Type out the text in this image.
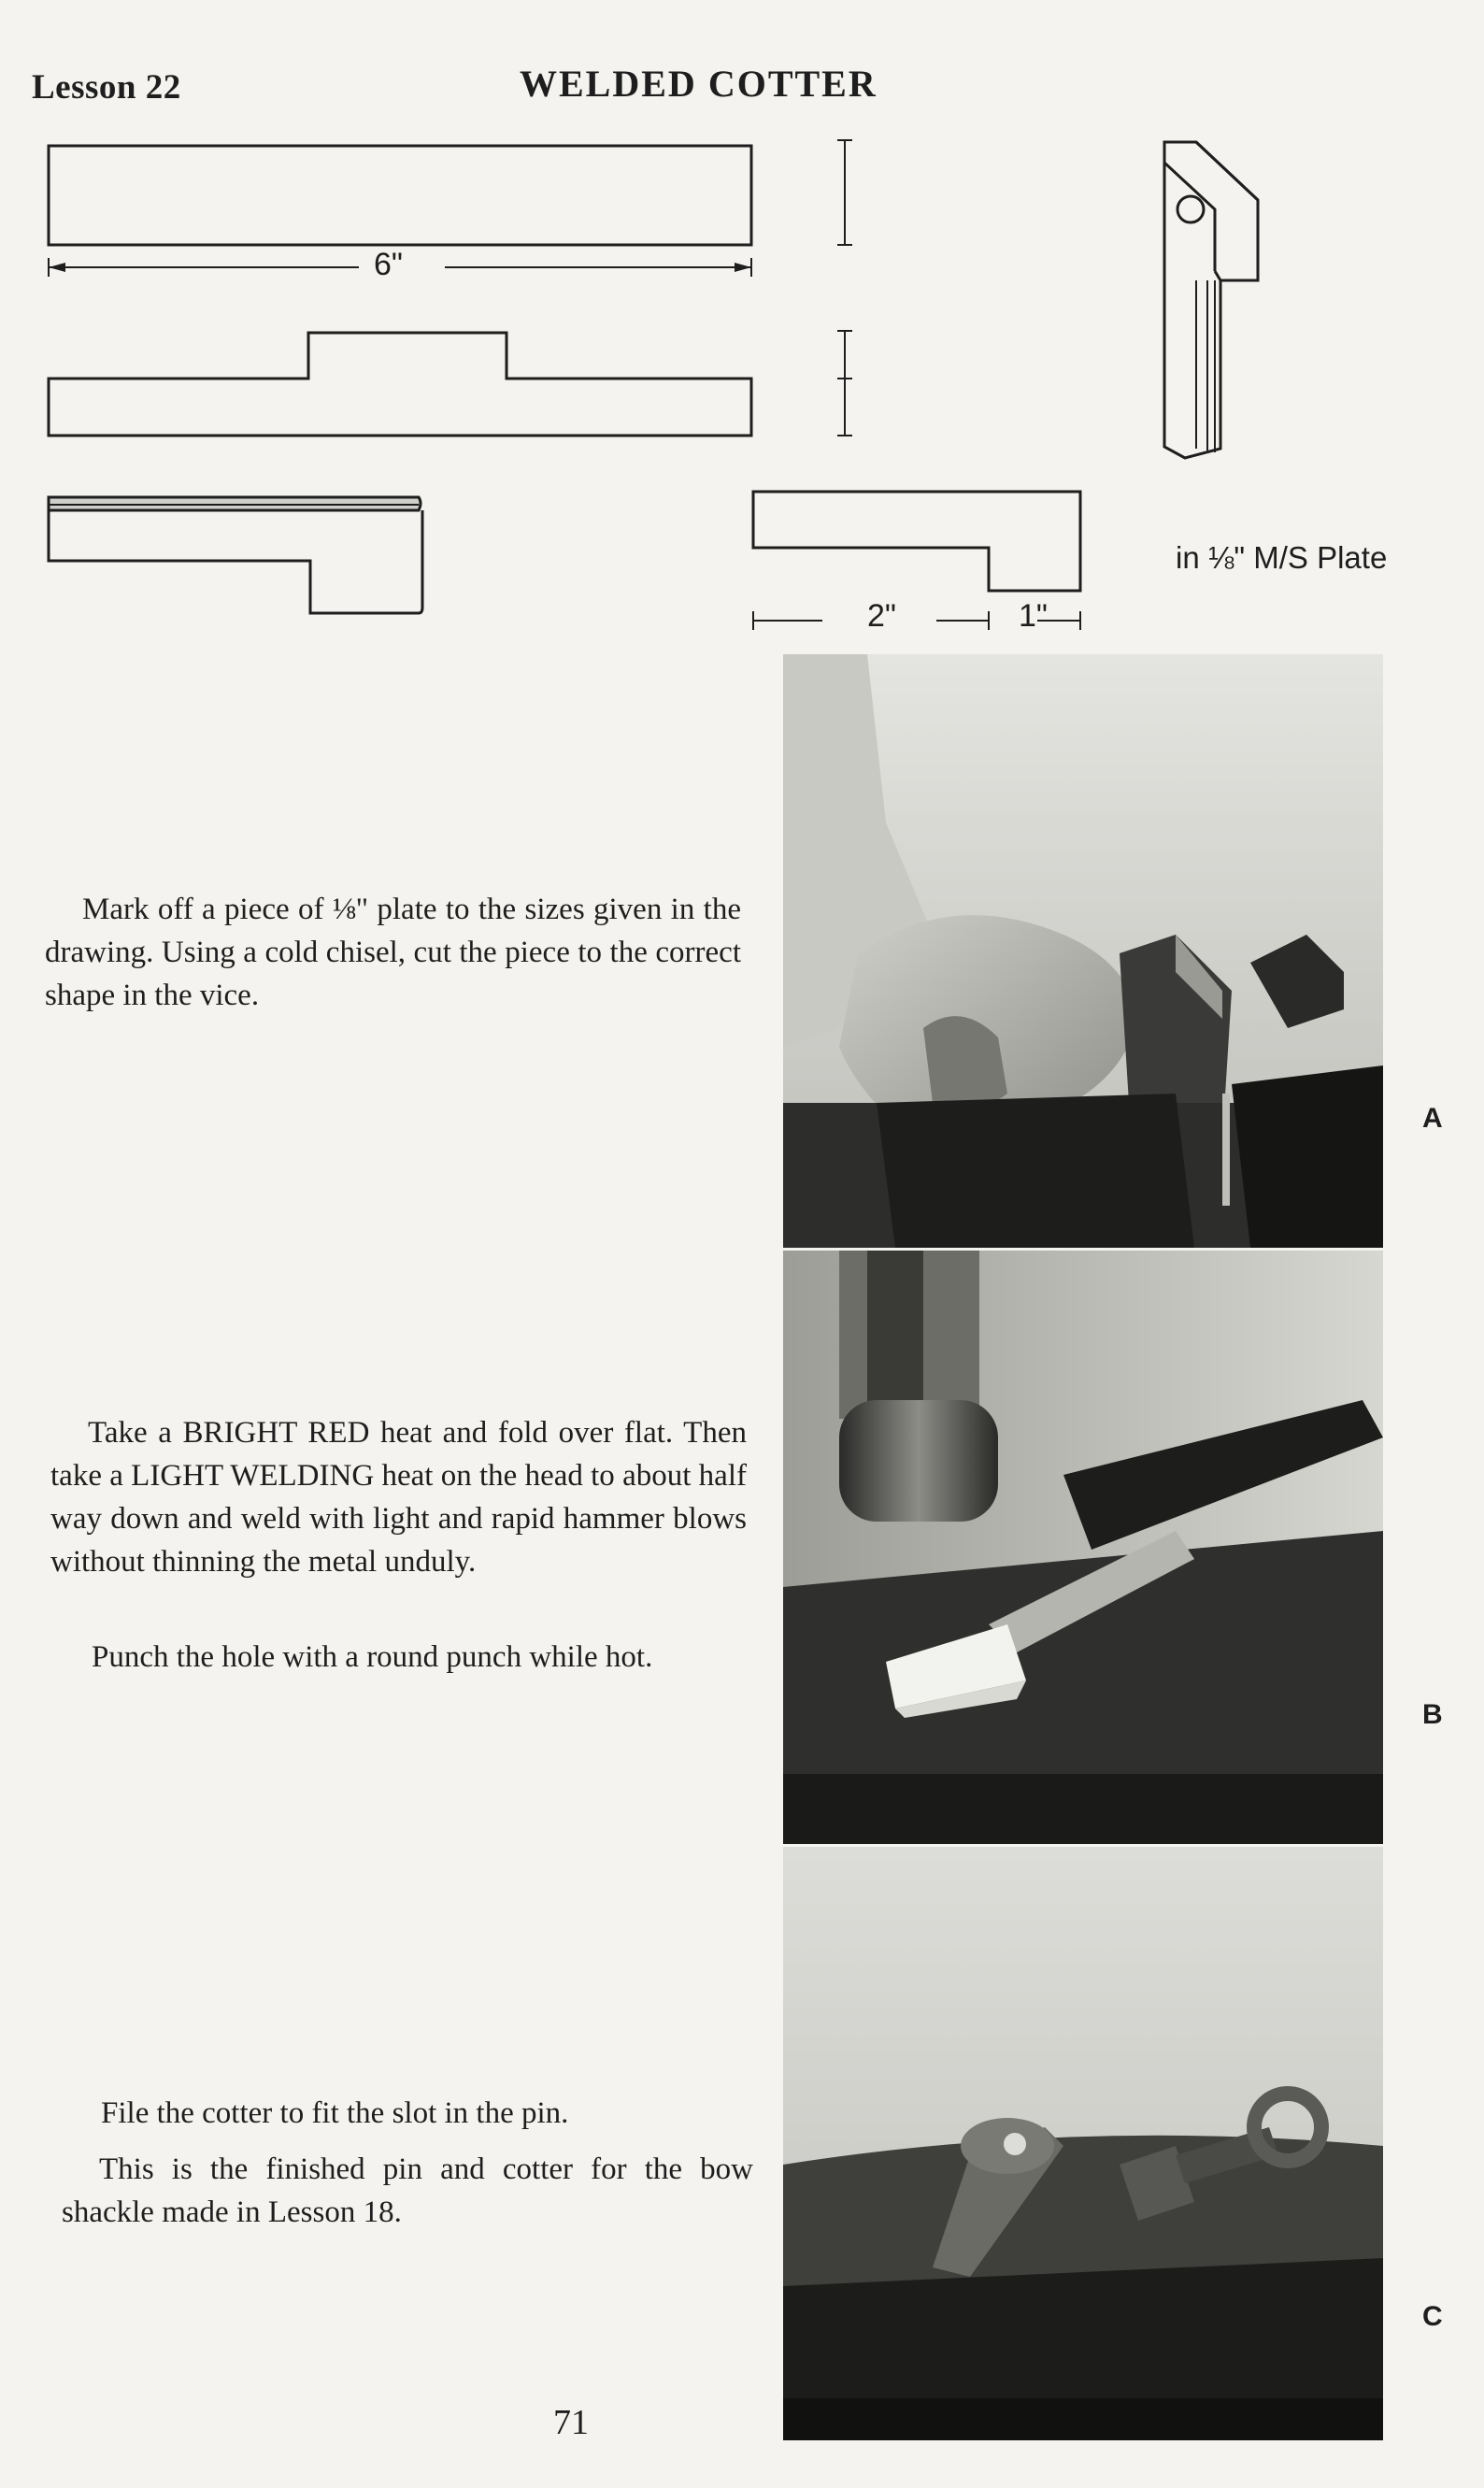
Lesson 22	WELDED COTTER
6"
2"	1"
in ⅛" M/S Plate

Mark off a piece of ⅛" plate to the sizes given in the drawing. Using a cold chisel, cut the piece to the correct shape in the vice.

Take a BRIGHT RED heat and fold over flat. Then take a LIGHT WELDING heat on the head to about half way down and weld with light and rapid hammer blows without thinning the metal unduly.

Punch the hole with a round punch while hot.

File the cotter to fit the slot in the pin.

This is the finished pin and cotter for the bow shackle made in Lesson 18.

A
B
C
71
